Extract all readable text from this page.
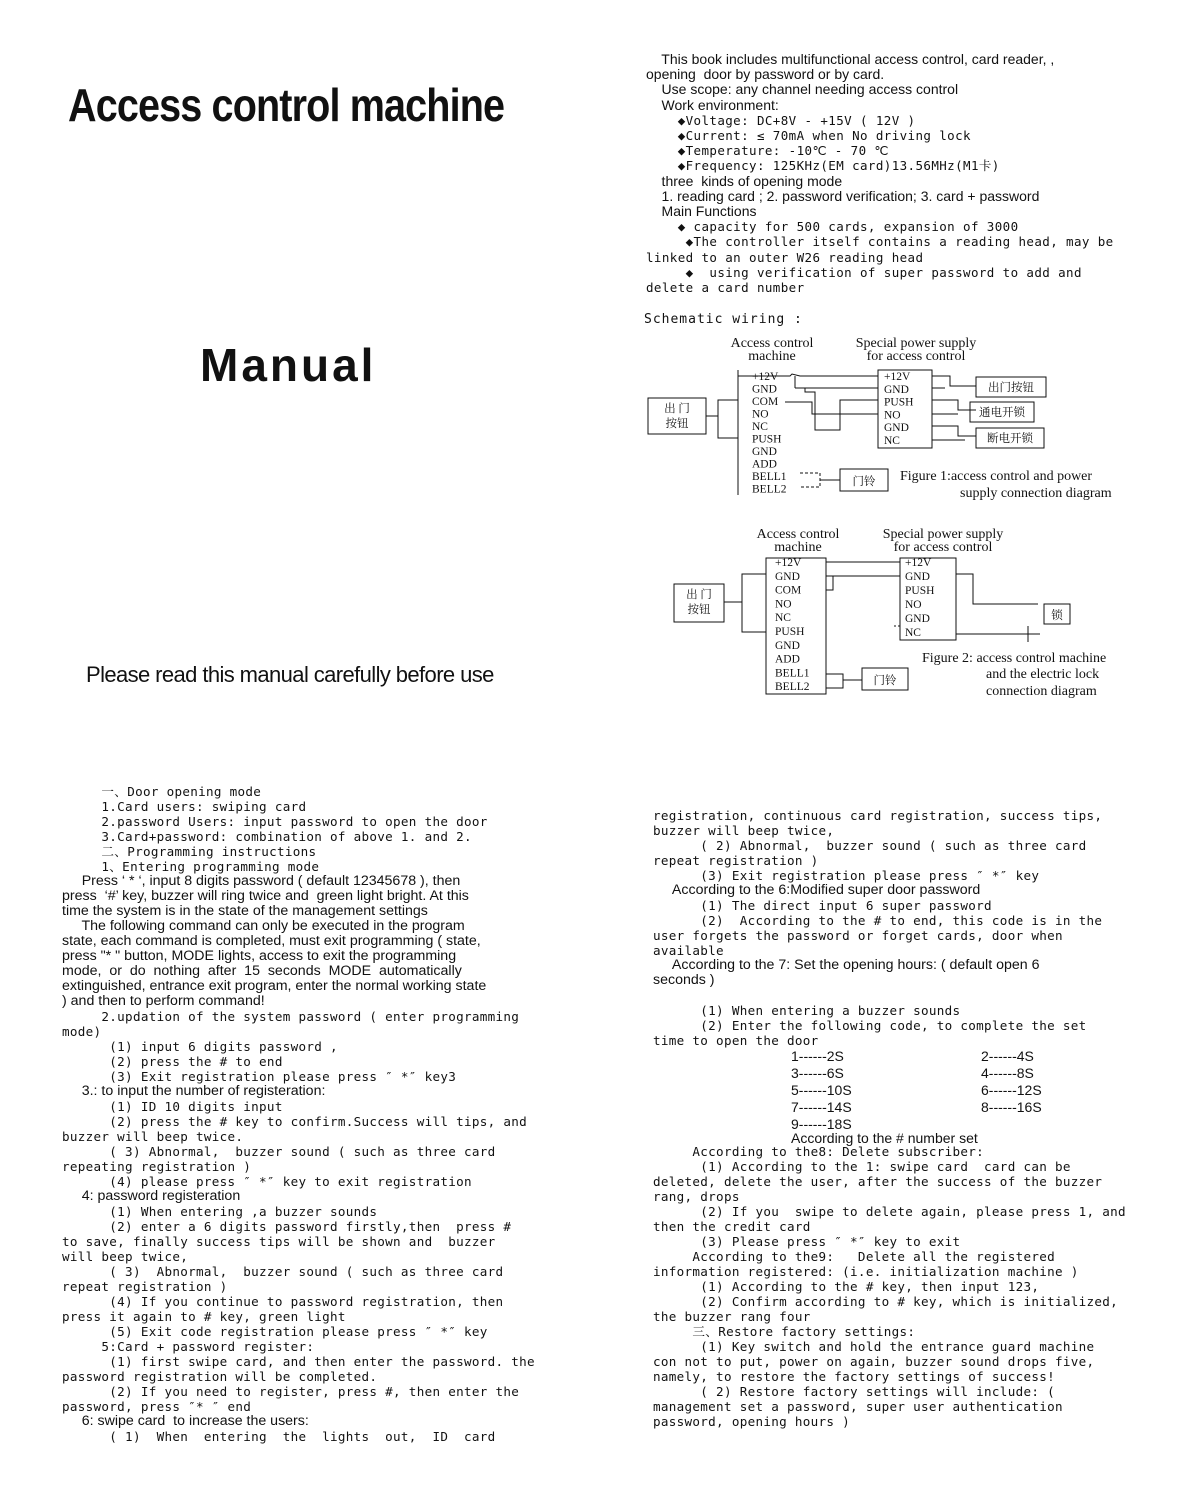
Access control machine
Manual
Please read this manual carefully before use
This book includes multifunctional access control, card reader, ,
opening  door by password or by card.
Use scope: any channel needing access control
Work environment:
◆Voltage: DC+8V - +15V ( 12V )
◆Current: ≤ 70mA when No driving lock
◆Temperature: -10℃ - 70 ℃
◆Frequency: 125KHz(EM card)13.56MHz(M1卡)
three  kinds of opening mode
1. reading card ; 2. password verification; 3. card + password
Main Functions
◆ capacity for 500 cards, expansion of 3000
◆The controller itself contains a reading head, may be
linked to an outer W26 reading head
◆  using verification of super password to add and
delete a card number
Schematic wiring :
Access control
machine
Special power supply
for access control
+12V
GND
COM
NO
NC
PUSH
GND
ADD
BELL1
BELL2
+12V
GND
PUSH
NO
GND
NC
出 门
按钮
门铃
出门按钮
通电开锁
断电开锁
Figure 1:access control and power
supply connection diagram
Access control
machine
Special power supply
for access control
+12V
GND
COM
NO
NC
PUSH
GND
ADD
BELL1
BELL2
+12V
GND
PUSH
NO
GND
NC
出 门
按钮
门铃
锁
Figure 2: access control machine
and the electric lock
connection diagram
一、Door opening mode
1.Card users: swiping card
2.password Users: input password to open the door
3.Card+password: combination of above 1. and 2.
二、Programming instructions
1、Entering programming mode
Press ‘ * ‘, input 8 digits password ( default 12345678 ), then
press  ‘#’ key, buzzer will ring twice and  green light bright. At this
time the system is in the state of the management settings
The following command can only be executed in the program
state, each command is completed, must exit programming ( state,
press "* " button, MODE lights, access to exit the programming
mode,  or  do  nothing  after  15  seconds  MODE  automatically
extinguished, entrance exit program, enter the normal working state
) and then to perform command!
2.updation of the system password ( enter programming
mode)
(1) input 6 digits password ,
(2) press the # to end
(3) Exit registration please press ″ *″ key3
3.: to input the number of registeration:
(1) ID 10 digits input
(2) press the # key to confirm.Success will tips, and
buzzer will beep twice.
( 3) Abnormal,  buzzer sound ( such as three card
repeating registration )
(4) please press ″ *″ key to exit registration
4: password registeration
(1) When entering ,a buzzer sounds
(2) enter a 6 digits password firstly,then  press #
to save, finally success tips will be shown and  buzzer
will beep twice,
( 3)  Abnormal,  buzzer sound ( such as three card
repeat registration )
(4) If you continue to password registration, then
press it again to # key, green light
(5) Exit code registration please press ″ *″ key
5:Card + password register:
(1) first swipe card, and then enter the password. the
password registration will be completed.
(2) If you need to register, press #, then enter the
password, press ″* ″ end
6: swipe card  to increase the users:
( 1)  When  entering  the  lights  out,  ID  card
registration, continuous card registration, success tips,
buzzer will beep twice,
( 2) Abnormal,  buzzer sound ( such as three card
repeat registration )
(3) Exit registration please press ″ *″ key
According to the 6:Modified super door password
(1) The direct input 6 super password
(2)  According to the # to end, this code is in the
user forgets the password or forget cards, door when
available
According to the 7: Set the opening hours: ( default open 6
seconds )
(1) When entering a buzzer sounds
(2) Enter the following code, to complete the set
time to open the door
1------2S
3------6S
5------10S
7------14S
9------18S
2------4S
4------8S
6------12S
8------16S
According to the # number set
According to the8: Delete subscriber:
(1) According to the 1: swipe card  card can be
deleted, delete the user, after the success of the buzzer
rang, drops
(2) If you  swipe to delete again, please press 1, and
then the credit card
(3) Please press ″ *″ key to exit
According to the9:   Delete all the registered
information registered: (i.e. initialization machine )
(1) According to the # key, then input 123,
(2) Confirm according to # key, which is initialized,
the buzzer rang four
三、Restore factory settings:
(1) Key switch and hold the entrance guard machine
con not to put, power on again, buzzer sound drops five,
namely, to restore the factory settings of success!
( 2) Restore factory settings will include: (
management set a password, super user authentication
password, opening hours )
